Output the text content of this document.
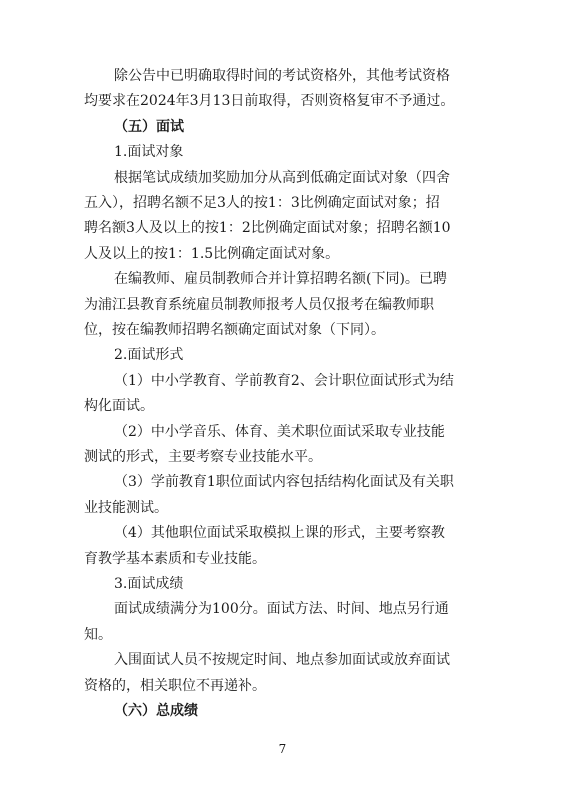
除公告中已明确取得时间的考试资格外，其他考试资格
均要求在2024年3月13日前取得，否则资格复审不予通过。
（五）面试
1.面试对象
根据笔试成绩加奖励加分从高到低确定面试对象（四舍
五入），招聘名额不足3人的按1：3比例确定面试对象；招
聘名额3人及以上的按1：2比例确定面试对象；招聘名额10
人及以上的按1：1.5比例确定面试对象。
在编教师、雇员制教师合并计算招聘名额(下同)。已聘
为浦江县教育系统雇员制教师报考人员仅报考在编教师职
位，按在编教师招聘名额确定面试对象（下同）。
2.面试形式
（1）中小学教育、学前教育2、会计职位面试形式为结
构化面试。
（2）中小学音乐、体育、美术职位面试采取专业技能
测试的形式，主要考察专业技能水平。
（3）学前教育1职位面试内容包括结构化面试及有关职
业技能测试。
（4）其他职位面试采取模拟上课的形式，主要考察教
育教学基本素质和专业技能。
3.面试成绩
面试成绩满分为100分。面试方法、时间、地点另行通
知。
入围面试人员不按规定时间、地点参加面试或放弃面试
资格的，相关职位不再递补。
（六）总成绩
7
